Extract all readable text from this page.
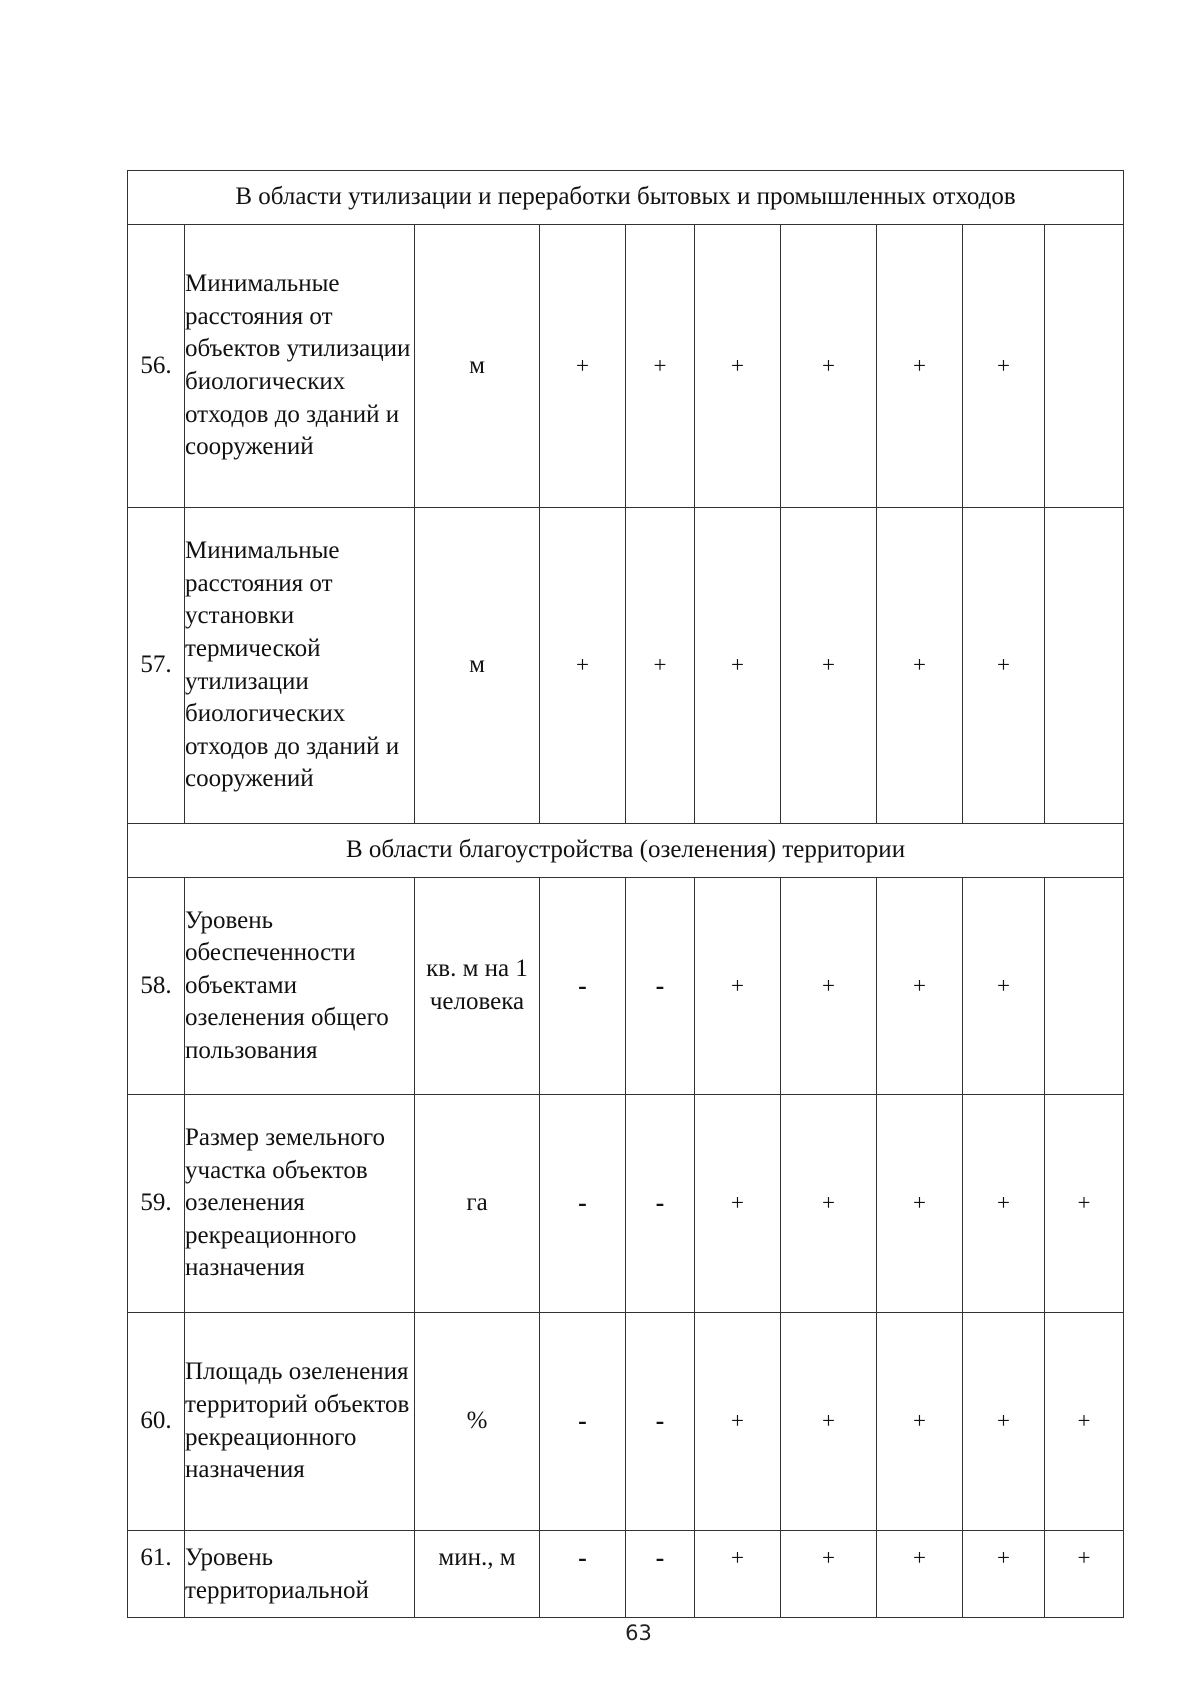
В области утилизации и переработки бытовых и промышленных отходов									
56.	Минимальные расстояния от объектов утилизации биологических отходов до зданий и сооружений	м	+	+	+	+	+	+	
57.	Минимальные расстояния от установки термической утилизации биологических отходов до зданий и сооружений	м	+	+	+	+	+	+	
В области благоустройства (озеленения) территории									
58.	Уровень обеспеченности объектами озеленения общего пользования	кв. м на 1 человека	-	-	+	+	+	+	
59.	Размер земельного участка объектов озеленения рекреационного назначения	га	-	-	+	+	+	+	+
60.	Площадь озеленения территорий объектов рекреационного назначения	%	-	-	+	+	+	+	+
61.	Уровень территориальной	мин., м	-	-	+	+	+	+	+
63
